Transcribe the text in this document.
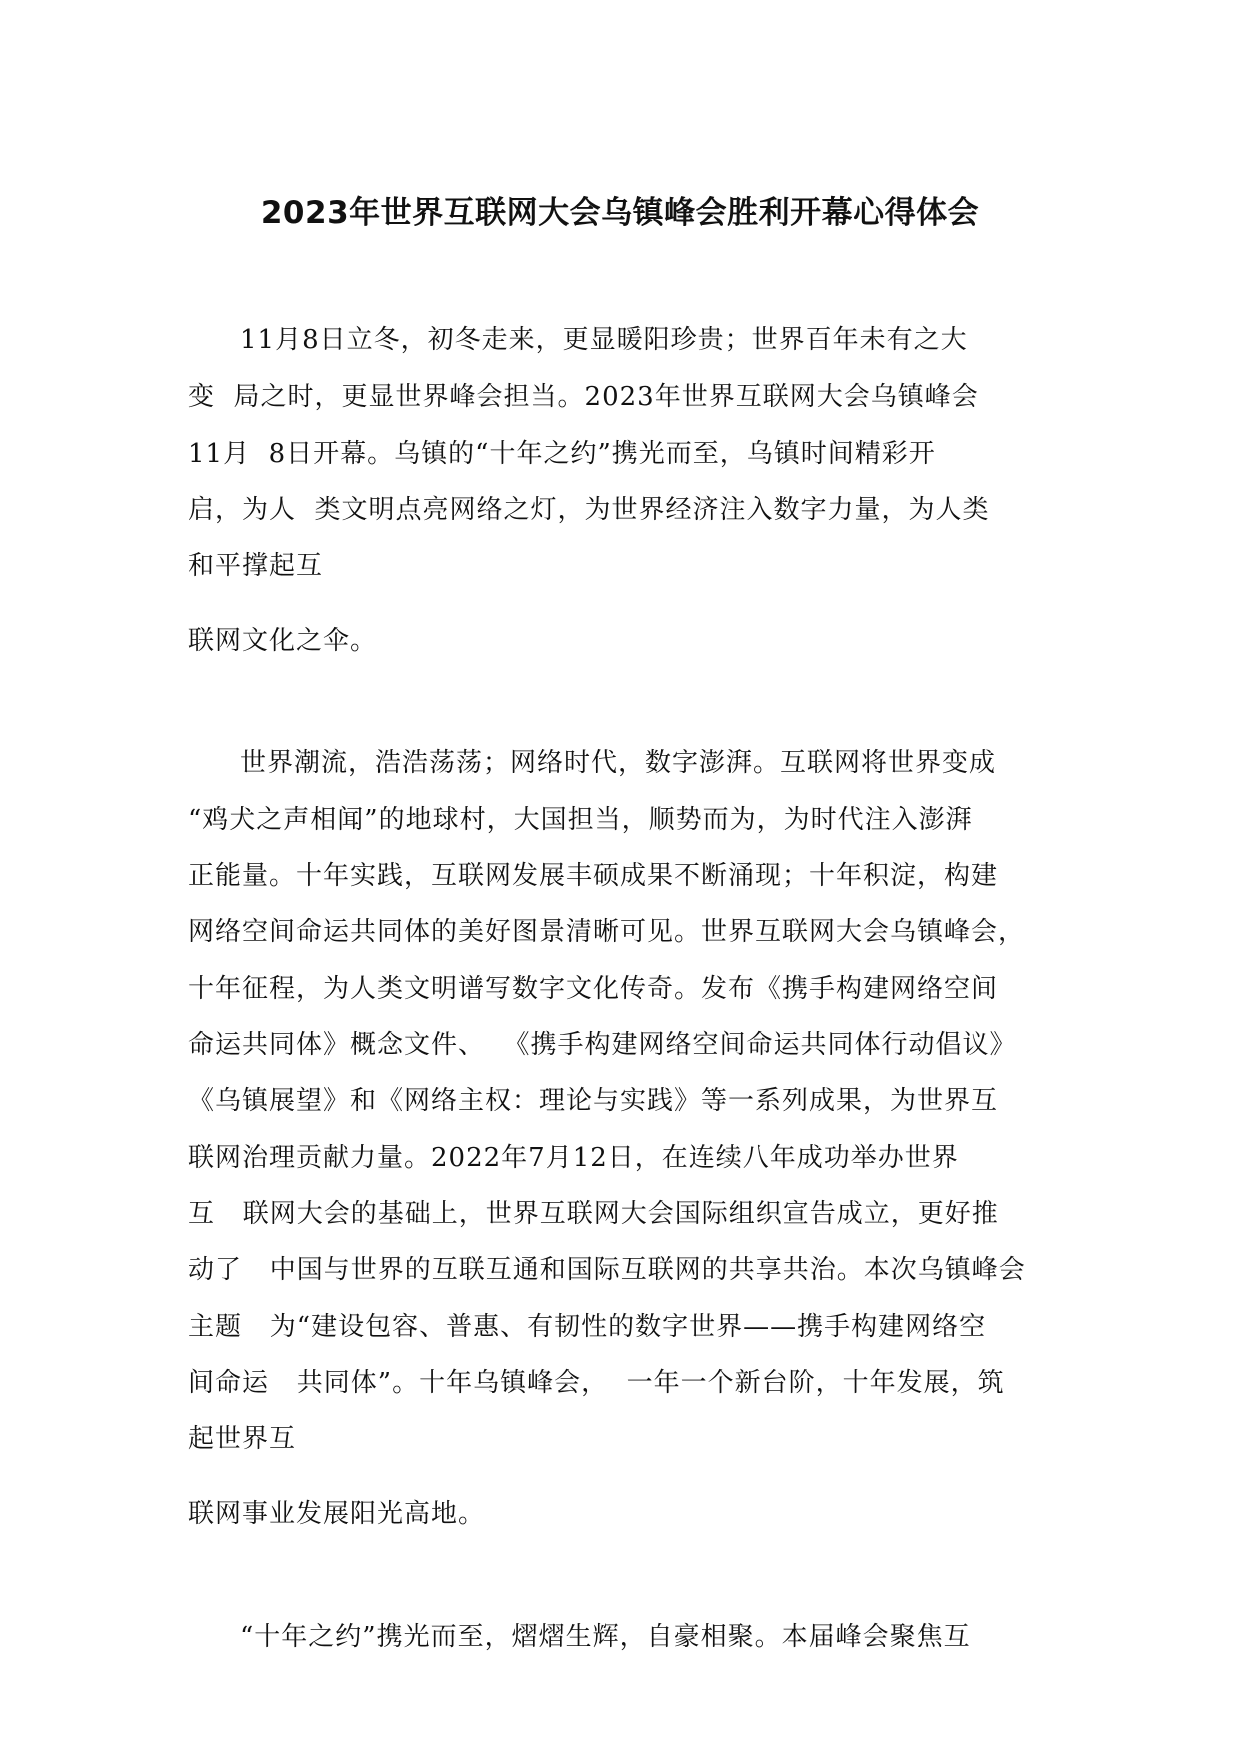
2023年世界互联网大会乌镇峰会胜利开幕心得体会
11月8日立冬，初冬走来，更显暖阳珍贵；世界百年未有之大
变  局之时，更显世界峰会担当。2023年世界互联网大会乌镇峰会
11月  8日开幕。乌镇的“十年之约”携光而至，乌镇时间精彩开
启，为人  类文明点亮网络之灯，为世界经济注入数字力量，为人类
和平撑起互
联网文化之伞。
世界潮流，浩浩荡荡；网络时代，数字澎湃。互联网将世界变成
“鸡犬之声相闻”的地球村，大国担当，顺势而为，为时代注入澎湃
正能量。十年实践，互联网发展丰硕成果不断涌现；十年积淀，构建
网络空间命运共同体的美好图景清晰可见。世界互联网大会乌镇峰会，
十年征程，为人类文明谱写数字文化传奇。发布《携手构建网络空间
命运共同体》概念文件、  《携手构建网络空间命运共同体行动倡议》
《乌镇展望》和《网络主权：理论与实践》等一系列成果，为世界互
联网治理贡献力量。2022年7月12日，在连续八年成功举办世界
互   联网大会的基础上，世界互联网大会国际组织宣告成立，更好推
动了   中国与世界的互联互通和国际互联网的共享共治。本次乌镇峰会
主题   为“建设包容、普惠、有韧性的数字世界——携手构建网络空
间命运   共同体”。十年乌镇峰会，  一年一个新台阶，十年发展，筑
起世界互
联网事业发展阳光高地。
“十年之约”携光而至，熠熠生辉，自豪相聚。本届峰会聚焦互
